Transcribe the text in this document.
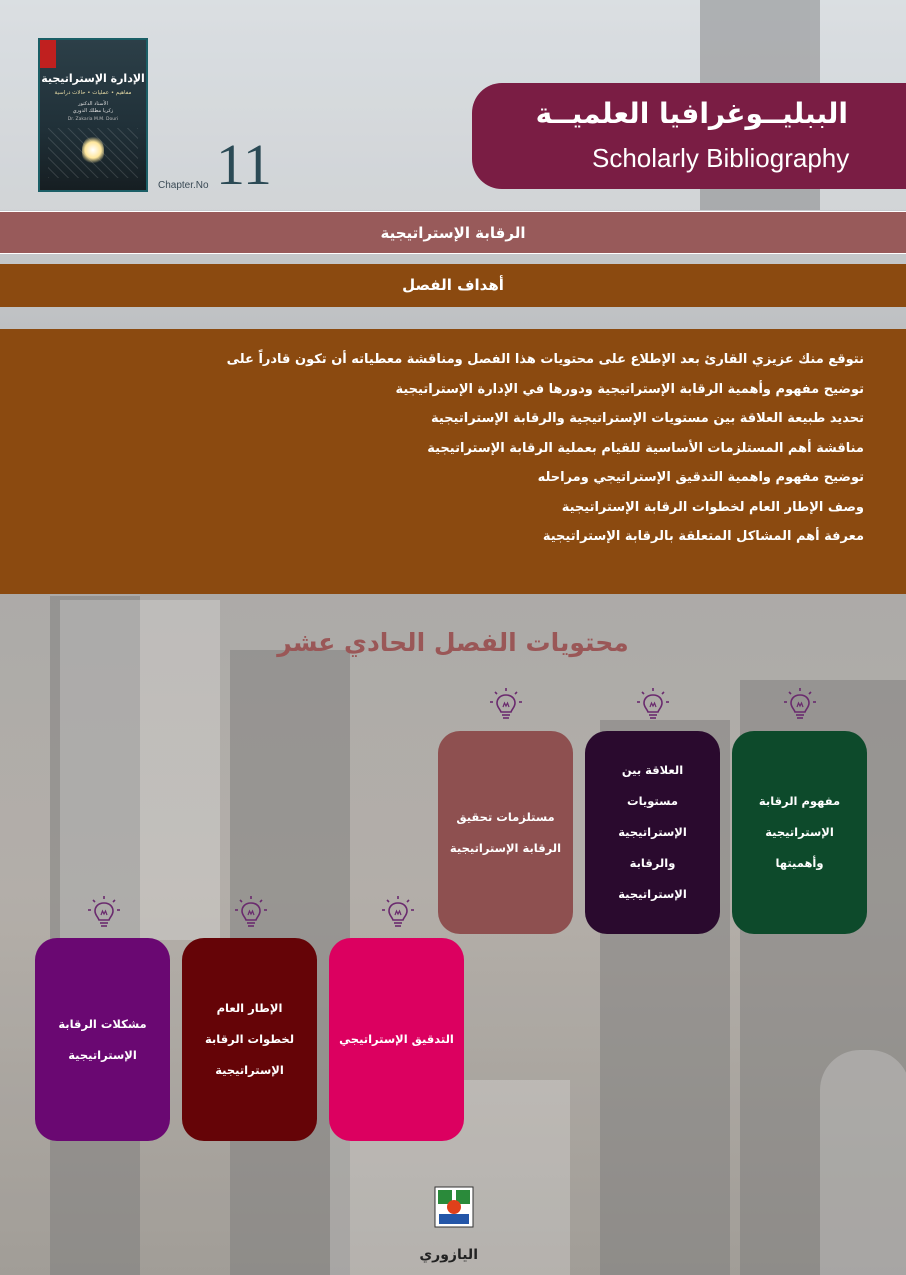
الإدارة الإستراتيجية
مفاهيم • عمليات • حالات دراسية
الأستاذ الدكتور
زكريا مطلك الدوري
Dr. Zakaria M.M. Douri
Chapter.No 11
الببليــوغرافيا العلميــة
Scholarly Bibliography
الرقابة الإستراتيجية
أهداف الفصل
نتوقع منك عزيزي القارئ بعد الإطلاع على محتويات هذا الفصل ومناقشة معطياته أن تكون قادراً على
توضيح مفهوم وأهمية الرقابة الإستراتيجية ودورها في الإدارة الإستراتيجية
تحديد طبيعة العلاقة بين مستويات الإستراتيجية والرقابة الإستراتيجية
مناقشة أهم المستلزمات الأساسية للقيام بعملية الرقابة الإستراتيجية
توضيح مفهوم واهمية التدقيق الإستراتيجي ومراحله
وصف الإطار العام لخطوات الرقابة الإستراتيجية
معرفة أهم المشاكل المتعلقة بالرقابة الإستراتيجية
محتويات الفصل الحادي عشر
مفهوم الرقابة الإستراتيجية وأهميتها
العلاقة بين مستويات الإستراتيجية والرقابة الإستراتيجية
مستلزمات تحقيق الرقابة الإستراتيجية
التدقيق الإستراتيجي
الإطار العام لخطوات الرقابة الإستراتيجية
مشكلات الرقابة الإستراتيجية
اليازوري
